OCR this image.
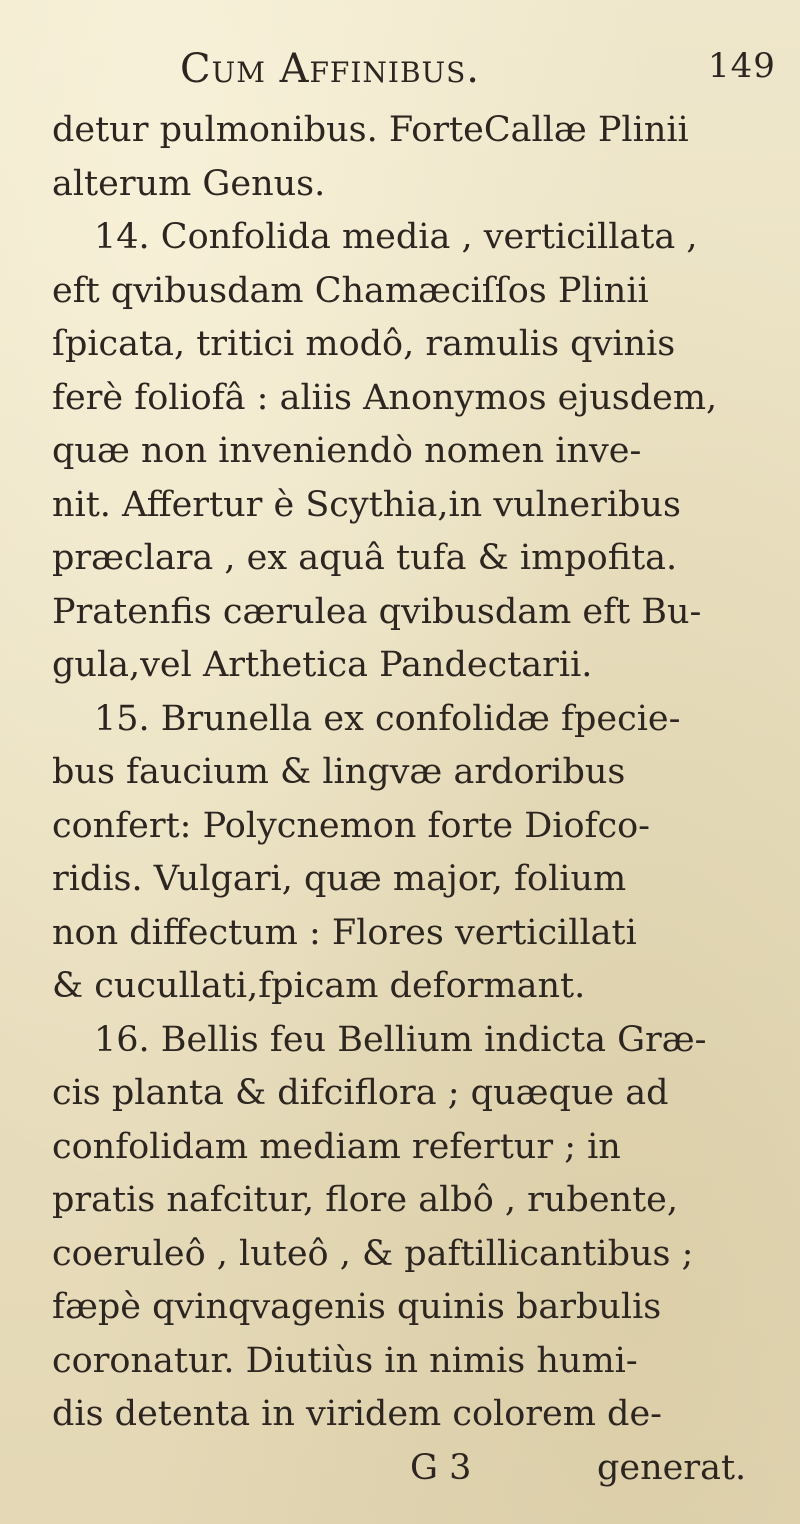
Cum Affinibus.	149
detur pulmonibus. ForteCallæ Plinii
alterum Genus.
14. Confolida media , verticillata ,
eft qvibusdam Chamæciſſos Plinii
ſpicata, tritici modô, ramulis qvinis
ferè foliofâ : aliis Anonymos ejusdem,
quæ non inveniendò nomen inve-
nit. Affertur è Scythia,in vulneribus
præclara , ex aquâ tufa & impofita.
Pratenfis cærulea qvibusdam eft Bu-
gula,vel Arthetica Pandectarii.
15. Brunella ex confolidæ fpecie-
bus faucium & lingvæ ardoribus
confert: Polycnemon forte Diofco-
ridis. Vulgari, quæ major, folium
non diffectum : Flores verticillati
& cucullati,fpicam deformant.
16. Bellis feu Bellium indicta Græ-
cis planta & difciflora ; quæque ad
confolidam mediam refertur ; in
pratis nafcitur, flore albô , rubente,
coeruleô , luteô , & paftillicantibus ;
fæpè qvinqvagenis quinis barbulis
coronatur. Diutiùs in nimis humi-
dis detenta in viridem colorem de-
G 3	generat.
